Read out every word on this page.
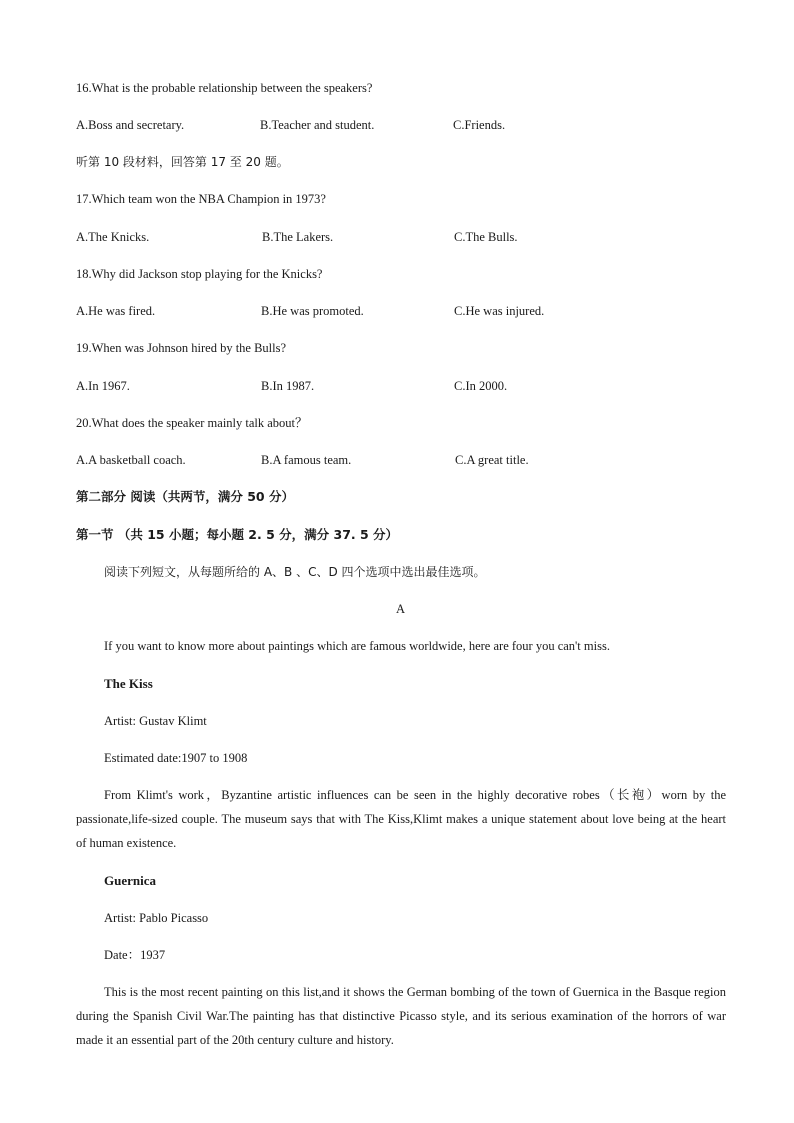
16.What is the probable relationship between the speakers?
A.Boss and secretary.	B.Teacher and student.	C.Friends.
听第 10 段材料，回答第 17 至 20 题。
17.Which team won the NBA Champion in 1973?
A.The Knicks.	B.The Lakers.	C.The Bulls.
18.Why did Jackson stop playing for the Knicks?
A.He was fired.	B.He was promoted.	C.He was injured.
19.When was Johnson hired by the Bulls?
A.In 1967.	B.In 1987.	C.In 2000.
20.What does the speaker mainly talk about？
A.A basketball coach.	B.A famous team.	C.A great title.
第二部分 阅读（共两节，满分 50 分）
第一节 （共 15 小题；每小题 2. 5 分，满分 37. 5 分）
阅读下列短文，从每题所给的 A、B 、C、D 四个选项中选出最佳选项。
A
If you want to know more about paintings which are famous worldwide, here are four you can't miss.
The Kiss
Artist: Gustav Klimt
Estimated date:1907 to 1908
From Klimt's work，Byzantine artistic influences can be seen in the highly decorative robes（长袍）worn by the passionate,life-sized couple. The museum says that with The Kiss,Klimt makes a unique statement about love being at the heart of human existence.
Guernica
Artist: Pablo Picasso
Date：1937
This is the most recent painting on this list,and it shows the German bombing of the town of Guernica in the Basque region during the Spanish Civil War.The painting has that distinctive Picasso style, and its serious examination of the horrors of war made it an essential part of the 20th century culture and history.
